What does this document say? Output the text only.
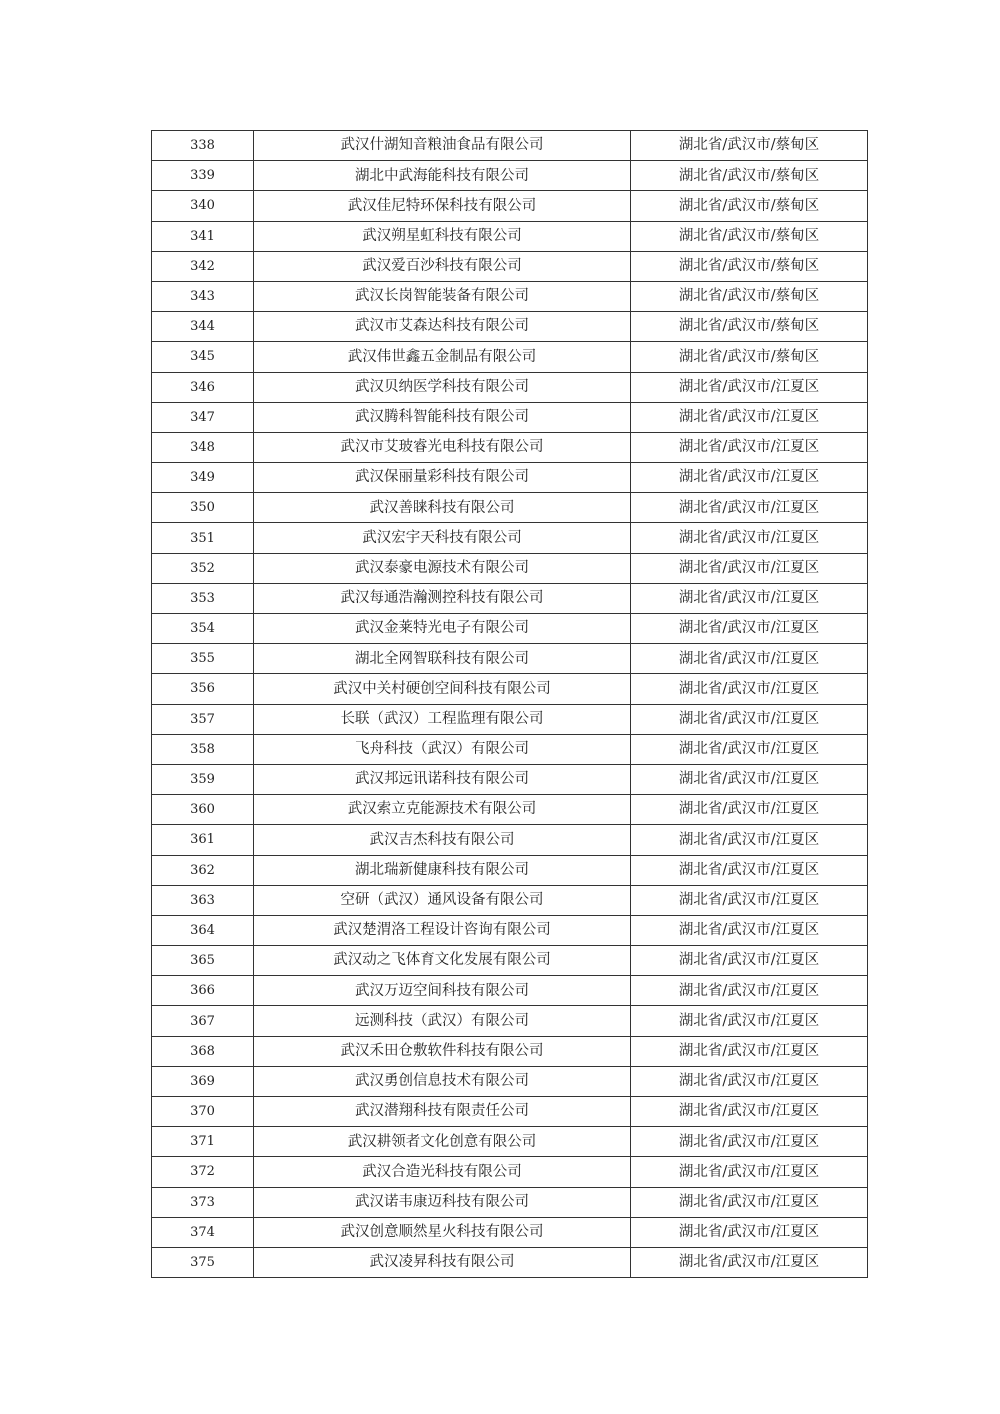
338	武汉什湖知音粮油食品有限公司	湖北省/武汉市/蔡甸区
339	湖北中武海能科技有限公司	湖北省/武汉市/蔡甸区
340	武汉佳尼特环保科技有限公司	湖北省/武汉市/蔡甸区
341	武汉朔星虹科技有限公司	湖北省/武汉市/蔡甸区
342	武汉爱百沙科技有限公司	湖北省/武汉市/蔡甸区
343	武汉长岗智能装备有限公司	湖北省/武汉市/蔡甸区
344	武汉市艾森达科技有限公司	湖北省/武汉市/蔡甸区
345	武汉伟世鑫五金制品有限公司	湖北省/武汉市/蔡甸区
346	武汉贝纳医学科技有限公司	湖北省/武汉市/江夏区
347	武汉腾科智能科技有限公司	湖北省/武汉市/江夏区
348	武汉市艾玻睿光电科技有限公司	湖北省/武汉市/江夏区
349	武汉保丽量彩科技有限公司	湖北省/武汉市/江夏区
350	武汉善睐科技有限公司	湖北省/武汉市/江夏区
351	武汉宏宇天科技有限公司	湖北省/武汉市/江夏区
352	武汉泰豪电源技术有限公司	湖北省/武汉市/江夏区
353	武汉每通浩瀚测控科技有限公司	湖北省/武汉市/江夏区
354	武汉金莱特光电子有限公司	湖北省/武汉市/江夏区
355	湖北全网智联科技有限公司	湖北省/武汉市/江夏区
356	武汉中关村硬创空间科技有限公司	湖北省/武汉市/江夏区
357	长联（武汉）工程监理有限公司	湖北省/武汉市/江夏区
358	飞舟科技（武汉）有限公司	湖北省/武汉市/江夏区
359	武汉邦远讯诺科技有限公司	湖北省/武汉市/江夏区
360	武汉索立克能源技术有限公司	湖北省/武汉市/江夏区
361	武汉吉杰科技有限公司	湖北省/武汉市/江夏区
362	湖北瑞新健康科技有限公司	湖北省/武汉市/江夏区
363	空研（武汉）通风设备有限公司	湖北省/武汉市/江夏区
364	武汉楚渭洛工程设计咨询有限公司	湖北省/武汉市/江夏区
365	武汉动之飞体育文化发展有限公司	湖北省/武汉市/江夏区
366	武汉万迈空间科技有限公司	湖北省/武汉市/江夏区
367	远测科技（武汉）有限公司	湖北省/武汉市/江夏区
368	武汉禾田仓敷软件科技有限公司	湖北省/武汉市/江夏区
369	武汉勇创信息技术有限公司	湖北省/武汉市/江夏区
370	武汉潜翔科技有限责任公司	湖北省/武汉市/江夏区
371	武汉耕领者文化创意有限公司	湖北省/武汉市/江夏区
372	武汉合造光科技有限公司	湖北省/武汉市/江夏区
373	武汉诺韦康迈科技有限公司	湖北省/武汉市/江夏区
374	武汉创意顺然星火科技有限公司	湖北省/武汉市/江夏区
375	武汉凌昇科技有限公司	湖北省/武汉市/江夏区
